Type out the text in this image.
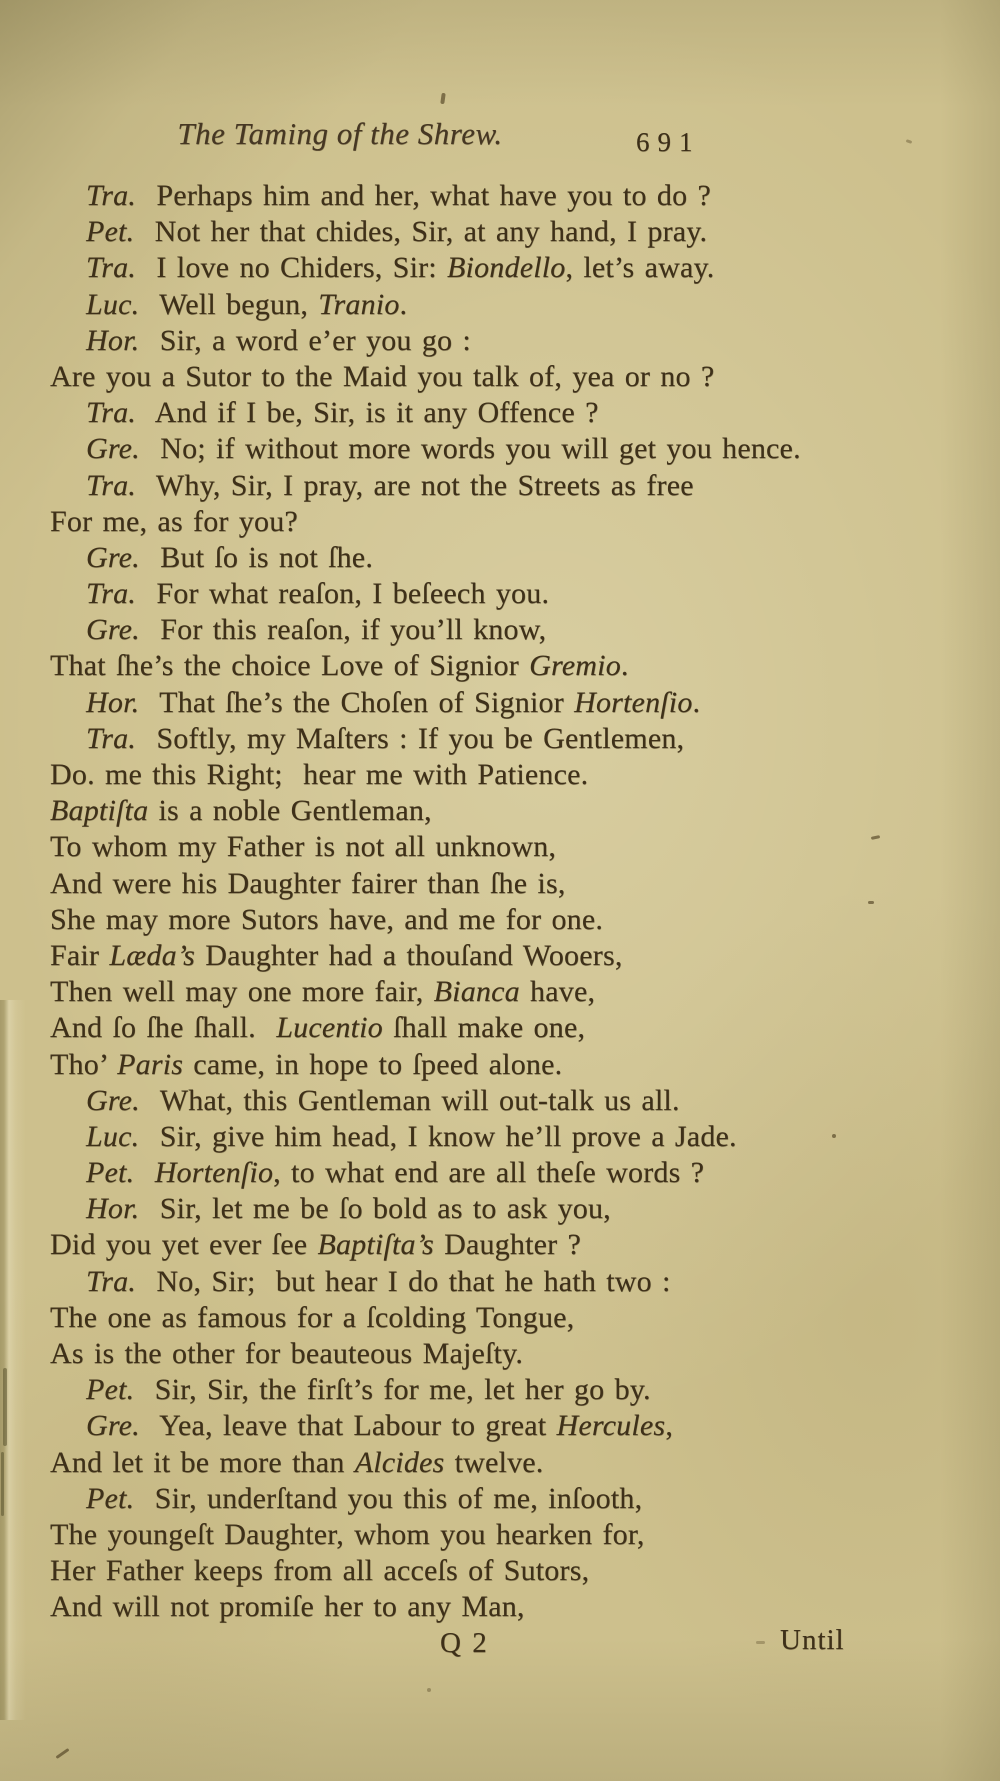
The Taming of the Shrew.	691
Tra.  Perhaps him and her, what have you to do ?
Pet.  Not her that chides, Sir, at any hand, I pray.
Tra.  I love no Chiders, Sir: Biondello, let’s away.
Luc.  Well begun, Tranio.
Hor.  Sir, a word e’er you go :
Are you a Sutor to the Maid you talk of, yea or no ?
Tra.  And if I be, Sir, is it any Offence ?
Gre.  No; if without more words you will get you hence.
Tra.  Why, Sir, I pray, are not the Streets as free
For me, as for you?
Gre.  But ſo is not ſhe.
Tra.  For what reaſon, I beſeech you.
Gre.  For this reaſon, if you’ll know,
That ſhe’s the choice Love of Signior Gremio.
Hor.  That ſhe’s the Choſen of Signior Hortenſio.
Tra.  Softly, my Maſters : If you be Gentlemen,
Do. me this Right;  hear me with Patience.
Baptiſta is a noble Gentleman,
To whom my Father is not all unknown,
And were his Daughter fairer than ſhe is,
She may more Sutors have, and me for one.
Fair Læda’s Daughter had a thouſand Wooers,
Then well may one more fair, Bianca have,
And ſo ſhe ſhall.  Lucentio ſhall make one,
Tho’ Paris came, in hope to ſpeed alone.
Gre.  What, this Gentleman will out-talk us all.
Luc.  Sir, give him head, I know he’ll prove a Jade.
Pet. Hortenſio, to what end are all theſe words ?
Hor.  Sir, let me be ſo bold as to ask you,
Did you yet ever ſee Baptiſta’s Daughter ?
Tra.  No, Sir;  but hear I do that he hath two :
The one as famous for a ſcolding Tongue,
As is the other for beauteous Majeſty.
Pet.  Sir, Sir, the firſt’s for me, let her go by.
Gre.  Yea, leave that Labour to great Hercules,
And let it be more than Alcides twelve.
Pet.  Sir, underſtand you this of me, inſooth,
The youngeſt Daughter, whom you hearken for,
Her Father keeps from all acceſs of Sutors,
And will not promiſe her to any Man,
Q 2	Until
